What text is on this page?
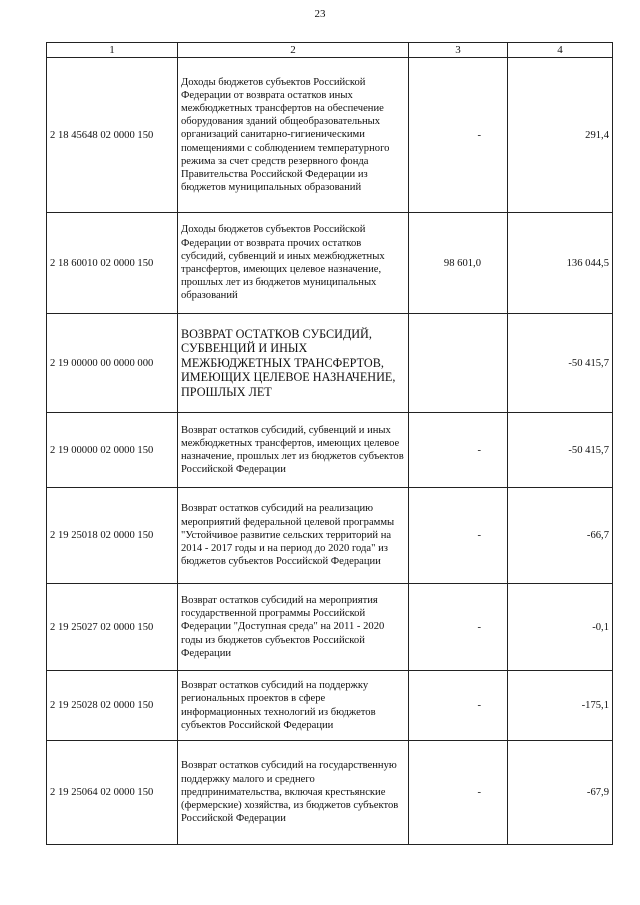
23
1	2	3	4
2 18 45648 02 0000 150	Доходы бюджетов субъектов Российской Федерации от возврата остатков иных межбюджетных трансфертов на обеспечение оборудования зданий общеобразовательных организаций санитарно-гигиеническими помещениями с соблюдением температурного режима за счет средств резервного фонда Правительства Российской Федерации из бюджетов муниципальных образований	-	291,4
2 18 60010 02 0000 150	Доходы бюджетов субъектов Российской Федерации от возврата прочих остатков субсидий, субвенций и иных межбюджетных трансфертов, имеющих целевое назначение, прошлых лет из бюджетов муниципальных образований	98 601,0	136 044,5
2 19 00000 00 0000 000	ВОЗВРАТ ОСТАТКОВ СУБСИДИЙ, СУБВЕНЦИЙ И ИНЫХ МЕЖБЮДЖЕТНЫХ ТРАНСФЕРТОВ, ИМЕЮЩИХ ЦЕЛЕВОЕ НАЗНАЧЕНИЕ, ПРОШЛЫХ ЛЕТ		-50 415,7
2 19 00000 02 0000 150	Возврат остатков субсидий, субвенций и иных межбюджетных трансфертов, имеющих целевое назначение, прошлых лет из бюджетов субъектов Российской Федерации	-	-50 415,7
2 19 25018 02 0000 150	Возврат остатков субсидий на реализацию мероприятий федеральной целевой программы "Устойчивое развитие сельских территорий на 2014 - 2017 годы и на период до 2020 года" из бюджетов субъектов Российской Федерации	-	-66,7
2 19 25027 02 0000 150	Возврат остатков субсидий на мероприятия государственной программы Российской Федерации "Доступная среда" на 2011 - 2020 годы из бюджетов субъектов Российской Федерации	-	-0,1
2 19 25028 02 0000 150	Возврат остатков субсидий на поддержку региональных проектов в сфере информационных технологий из бюджетов субъектов Российской Федерации	-	-175,1
2 19 25064 02 0000 150	Возврат остатков субсидий на государственную поддержку малого и среднего предпринимательства, включая крестьянские (фермерские) хозяйства, из бюджетов субъектов Российской Федерации	-	-67,9
